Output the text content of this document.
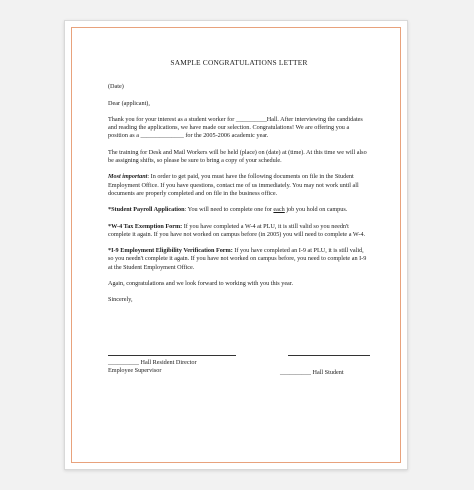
SAMPLE CONGRATULATIONS LETTER

(Date)

Dear (applicant),

Thank you for your interest as a student worker for __________Hall. After interviewing the candidates and reading the applications, we have made our selection. Congratulations! We are offering you a position as a ______________ for the 2005-2006 academic year.

The training for Desk and Mail Workers will be held (place) on (date) at (time). At this time we will also be assigning shifts, so please be sure to bring a copy of your schedule.

Most important: In order to get paid, you must have the following documents on file in the Student Employment Office. If you have questions, contact me of us immediately. You may not work until all documents are properly completed and on file in the business office.

*Student Payroll Application: You will need to complete one for each job you hold on campus.

*W-4 Tax Exemption Form: If you have completed a W-4 at PLU, it is still valid so you needn't complete it again. If you have not worked on campus before (in 2005) you will need to complete a W-4.

*I-9 Employment Eligibility Verification Form: If you have completed an I-9 at PLU, it is still valid, so you needn't complete it again. If you have not worked on campus before, you need to complete an I-9 at the Student Employment Office.

Again, congratulations and we look forward to working with you this year.

Sincerely,

__________ Hall Resident Director
Employee Supervisor	__________ Hall Student
